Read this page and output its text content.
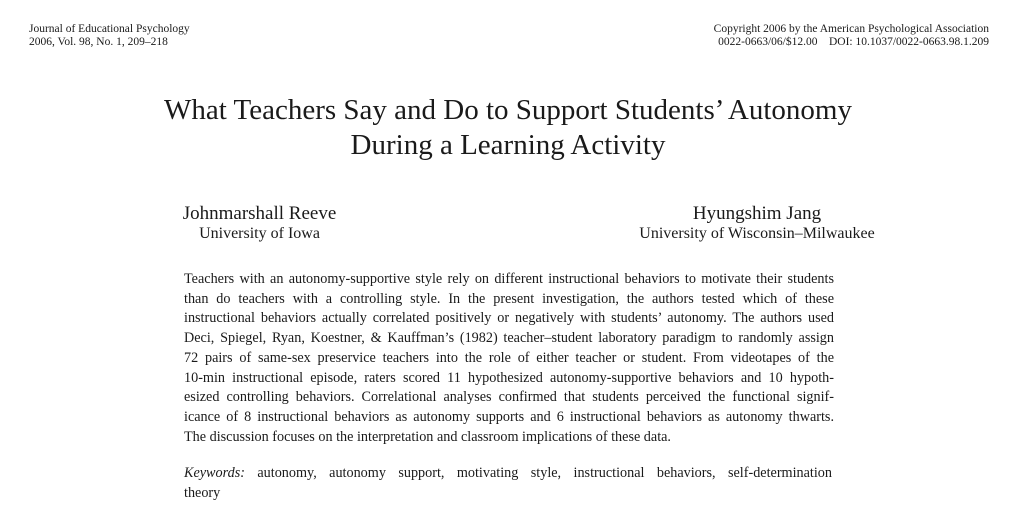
Journal of Educational Psychology
2006, Vol. 98, No. 1, 209–218
Copyright 2006 by the American Psychological Association
0022-0663/06/$12.00    DOI: 10.1037/0022-0663.98.1.209
What Teachers Say and Do to Support Students’ Autonomy
During a Learning Activity
Johnmarshall Reeve
University of Iowa
Hyungshim Jang
University of Wisconsin–Milwaukee
Teachers with an autonomy-supportive style rely on different instructional behaviors to motivate their students
than do teachers with a controlling style. In the present investigation, the authors tested which of these
instructional behaviors actually correlated positively or negatively with students’ autonomy. The authors used
Deci, Spiegel, Ryan, Koestner, & Kauffman’s (1982) teacher–student laboratory paradigm to randomly assign
72 pairs of same-sex preservice teachers into the role of either teacher or student. From videotapes of the
10-min instructional episode, raters scored 11 hypothesized autonomy-supportive behaviors and 10 hypoth-
esized controlling behaviors. Correlational analyses confirmed that students perceived the functional signif-
icance of 8 instructional behaviors as autonomy supports and 6 instructional behaviors as autonomy thwarts.
The discussion focuses on the interpretation and classroom implications of these data.
Keywords: autonomy, autonomy support, motivating style, instructional behaviors, self-determination
theory
